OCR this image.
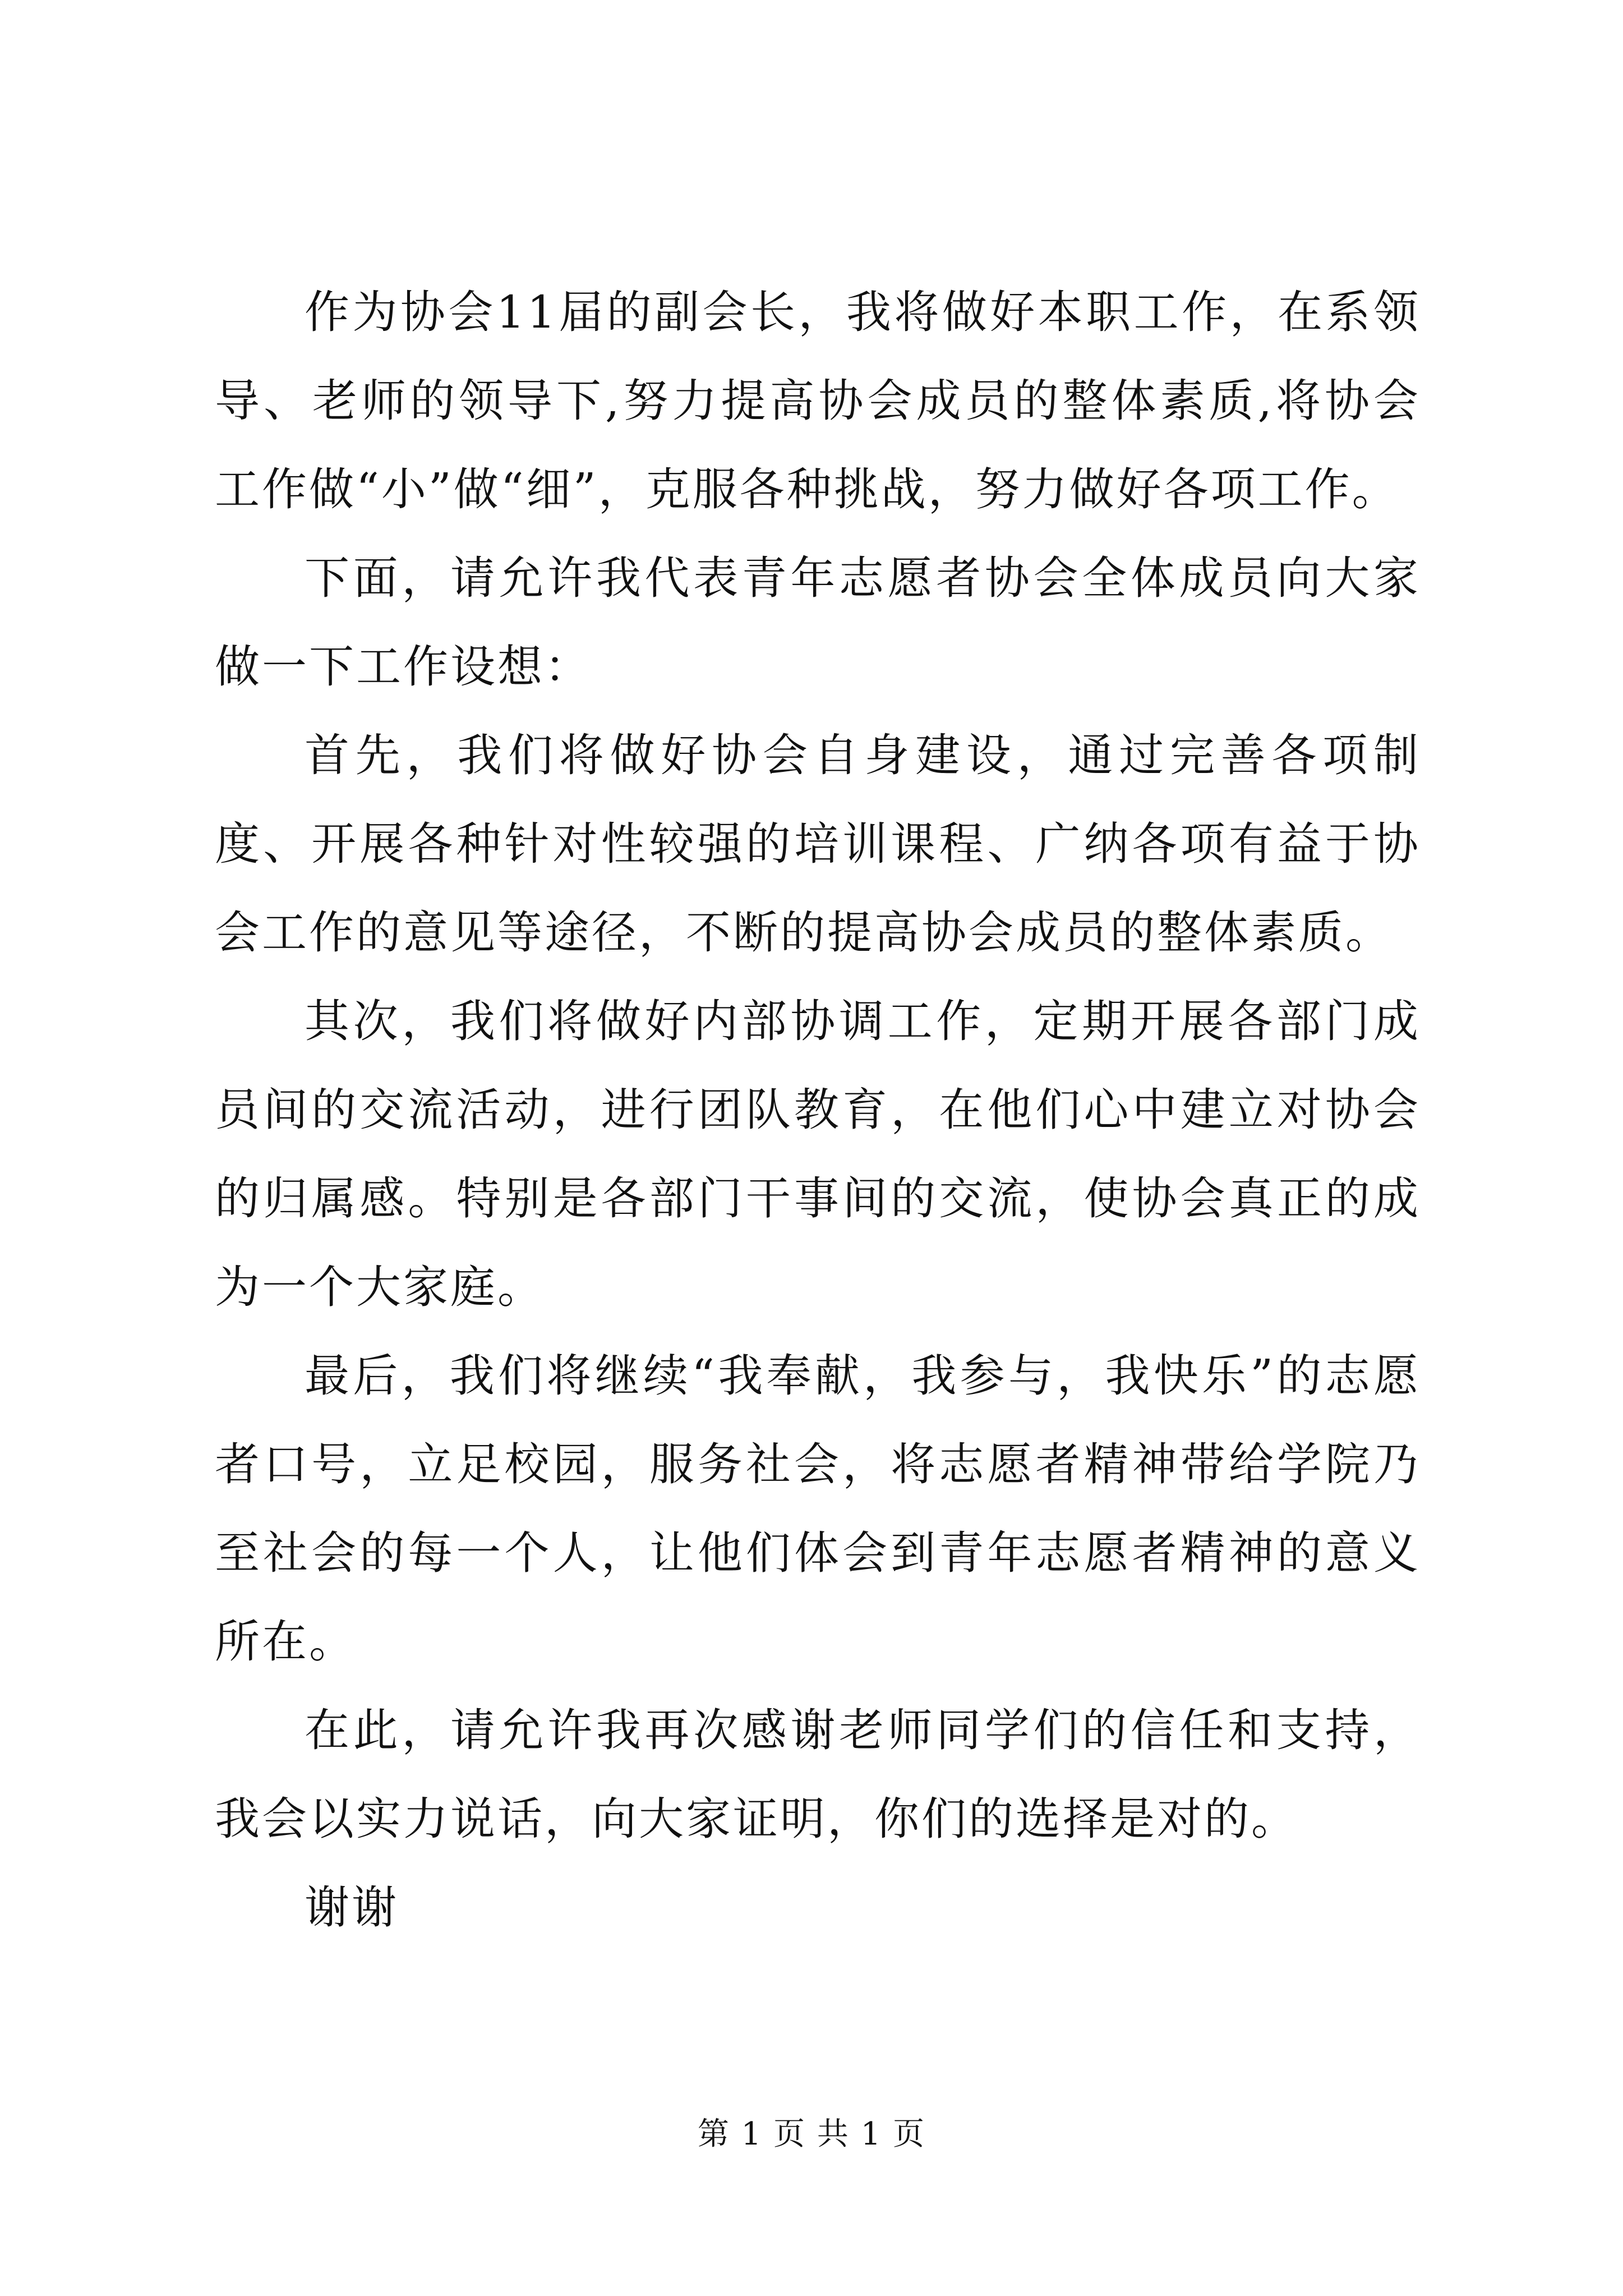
作为协会11届的副会长，我将做好本职工作，在系领导、老师的领导下,努力提高协会成员的整体素质,将协会工作做“小”做“细”，克服各种挑战，努力做好各项工作。

下面，请允许我代表青年志愿者协会全体成员向大家做一下工作设想：

首先，我们将做好协会自身建设，通过完善各项制度、开展各种针对性较强的培训课程、广纳各项有益于协会工作的意见等途径，不断的提高协会成员的整体素质。

其次，我们将做好内部协调工作，定期开展各部门成员间的交流活动，进行团队教育，在他们心中建立对协会的归属感。特别是各部门干事间的交流，使协会真正的成为一个大家庭。

最后，我们将继续“我奉献，我参与，我快乐”的志愿者口号，立足校园，服务社会，将志愿者精神带给学院乃至社会的每一个人，让他们体会到青年志愿者精神的意义所在。

在此，请允许我再次感谢老师同学们的信任和支持，我会以实力说话，向大家证明，你们的选择是对的。

谢谢

第 1 页 共 1 页
